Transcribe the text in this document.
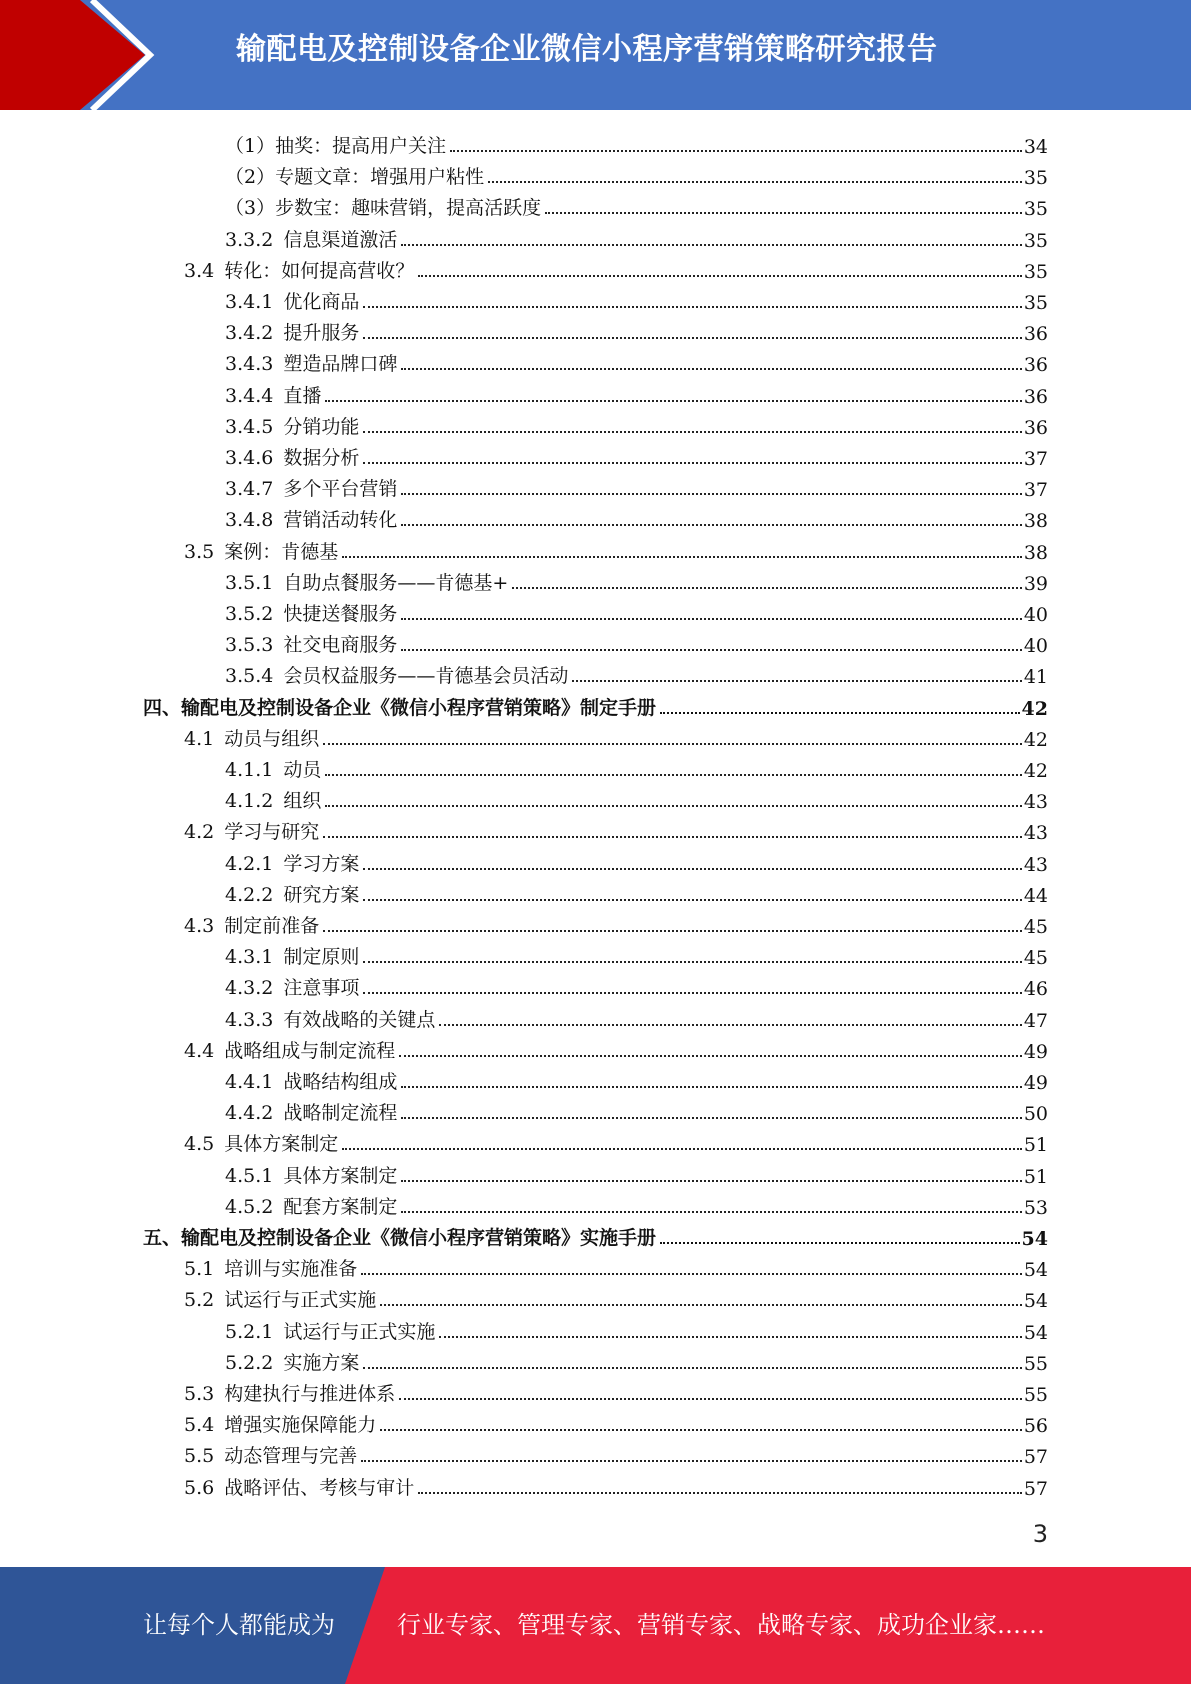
输配电及控制设备企业微信小程序营销策略研究报告
（1）抽奖：提高用户关注	34
（2）专题文章：增强用户粘性	35
（3）步数宝：趣味营销，提高活跃度	35
3.3.2 信息渠道激活	35
3.4 转化：如何提高营收？	35
3.4.1 优化商品	35
3.4.2 提升服务	36
3.4.3 塑造品牌口碑	36
3.4.4 直播	36
3.4.5 分销功能	36
3.4.6 数据分析	37
3.4.7 多个平台营销	37
3.4.8 营销活动转化	38
3.5 案例：肯德基	38
3.5.1 自助点餐服务——肯德基+	39
3.5.2 快捷送餐服务	40
3.5.3 社交电商服务	40
3.5.4 会员权益服务——肯德基会员活动	41
四、输配电及控制设备企业《微信小程序营销策略》制定手册	42
4.1 动员与组织	42
4.1.1 动员	42
4.1.2 组织	43
4.2 学习与研究	43
4.2.1 学习方案	43
4.2.2 研究方案	44
4.3 制定前准备	45
4.3.1 制定原则	45
4.3.2 注意事项	46
4.3.3 有效战略的关键点	47
4.4 战略组成与制定流程	49
4.4.1 战略结构组成	49
4.4.2 战略制定流程	50
4.5 具体方案制定	51
4.5.1 具体方案制定	51
4.5.2 配套方案制定	53
五、输配电及控制设备企业《微信小程序营销策略》实施手册	54
5.1 培训与实施准备	54
5.2 试运行与正式实施	54
5.2.1 试运行与正式实施	54
5.2.2 实施方案	55
5.3 构建执行与推进体系	55
5.4 增强实施保障能力	56
5.5 动态管理与完善	57
5.6 战略评估、考核与审计	57
3
让每个人都能成为	行业专家、管理专家、营销专家、战略专家、成功企业家……
